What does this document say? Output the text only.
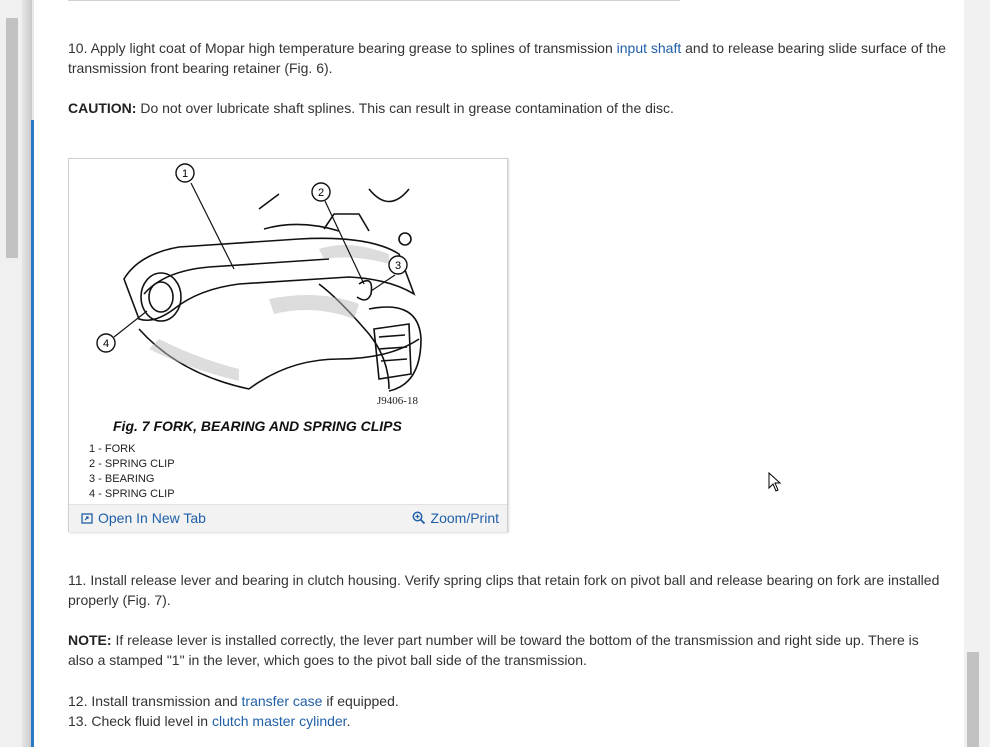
10. Apply light coat of Mopar high temperature bearing grease to splines of transmission input shaft and to release bearing slide surface of the transmission front bearing retainer (Fig. 6).
CAUTION: Do not over lubricate shaft splines. This can result in grease contamination of the disc.
1
2
3
4
J9406-18
Fig. 7 FORK, BEARING AND SPRING CLIPS
1 - FORK
2 - SPRING CLIP
3 - BEARING
4 - SPRING CLIP
Open In New Tab	Zoom/Print
11. Install release lever and bearing in clutch housing. Verify spring clips that retain fork on pivot ball and release bearing on fork are installed properly (Fig. 7).
NOTE: If release lever is installed correctly, the lever part number will be toward the bottom of the transmission and right side up. There is also a stamped "1" in the lever, which goes to the pivot ball side of the transmission.
12. Install transmission and transfer case if equipped.
13. Check fluid level in clutch master cylinder.
